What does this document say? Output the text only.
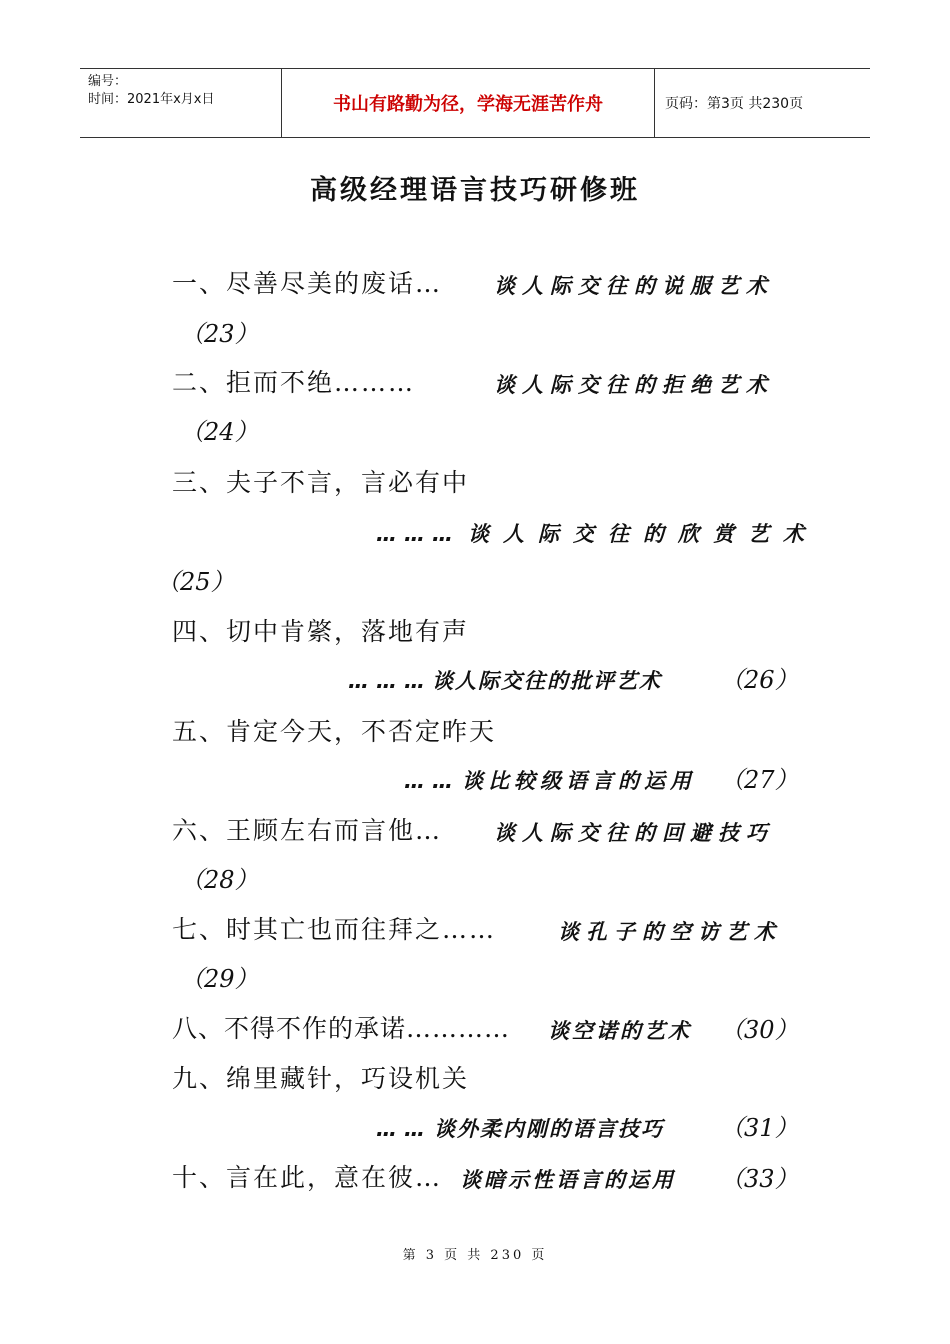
编号：
时间：2021年x月x日	书山有路勤为径，学海无涯苦作舟	页码：第3页 共230页
高级经理语言技巧研修班
一、尽善尽美的废话… 谈人际交往的说服艺术
（23）
二、拒而不绝………	谈人际交往的拒绝艺术
（24）
三、夫子不言，言必有中
……… 谈人际交往的欣赏艺术
（25）
四、切中肯綮，落地有声
……… 谈人际交往的批评艺术 （26）
五、肯定今天，不否定昨天
…… 谈比较级语言的运用 （27）
六、王顾左右而言他… 谈人际交往的回避技巧
（28）
七、时其亡也而往拜之……	谈孔子的空访艺术
（29）
八、不得不作的承诺………… 谈空诺的艺术 （30）
九、绵里藏针，巧设机关
…… 谈外柔内刚的语言技巧 （31）
十、言在此，意在彼… 谈暗示性语言的运用 （33）
第 3 页 共 230 页
